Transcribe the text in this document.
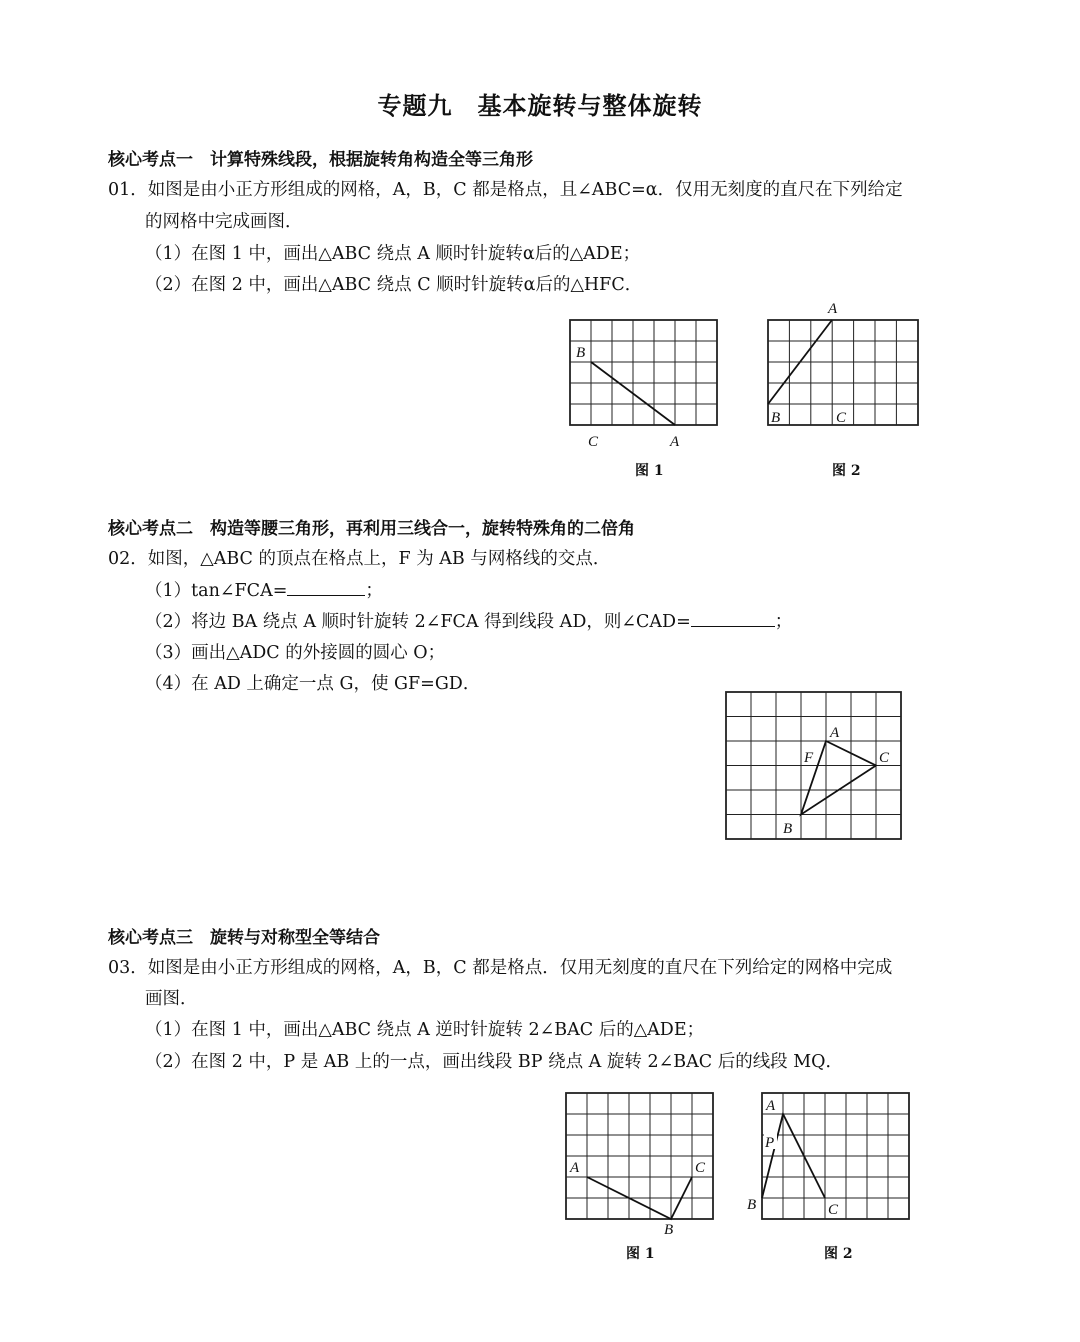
专题九　基本旋转与整体旋转
核心考点一　计算特殊线段，根据旋转角构造全等三角形
01．如图是由小正方形组成的网格，A，B，C 都是格点，且∠ABC=α．仅用无刻度的直尺在下列给定
的网格中完成画图．
（1）在图 1 中，画出△ABC 绕点 A 顺时针旋转α后的△ADE；
（2）在图 2 中，画出△ABC 绕点 C 顺时针旋转α后的△HFC．
B
C	A
图 1
A
B	C
图 2
核心考点二　构造等腰三角形，再利用三线合一，旋转特殊角的二倍角
02．如图，△ABC 的顶点在格点上，F 为 AB 与网格线的交点．
（1）tan∠FCA=	；
（2）将边 BA 绕点 A 顺时针旋转 2∠FCA 得到线段 AD，则∠CAD=	；
（3）画出△ADC 的外接圆的圆心 O；
（4）在 AD 上确定一点 G，使 GF=GD．
A
F	C
B
核心考点三　旋转与对称型全等结合
03．如图是由小正方形组成的网格，A，B，C 都是格点．仅用无刻度的直尺在下列给定的网格中完成
画图．
（1）在图 1 中，画出△ABC 绕点 A 逆时针旋转 2∠BAC 后的△ADE；
（2）在图 2 中，P 是 AB 上的一点，画出线段 BP 绕点 A 旋转 2∠BAC 后的线段 MQ．
A	C
B
图 1
A
P
B	C
图 2
